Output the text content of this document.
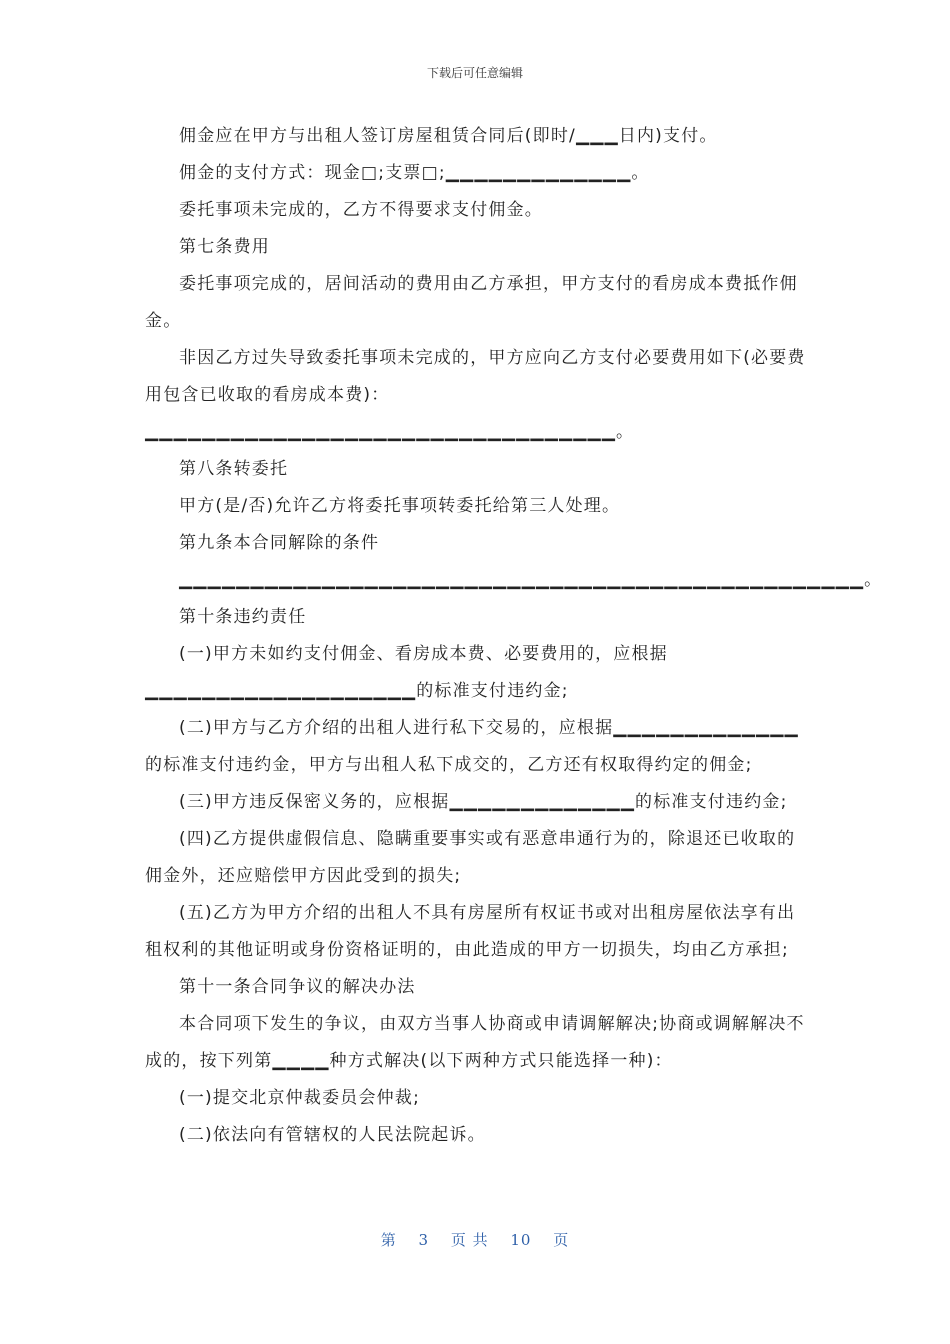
下载后可任意编辑

佣金应在甲方与出租人签订房屋租赁合同后(即时/▁▁▁日内)支付。

佣金的支付方式：现金□;支票□;▁▁▁▁▁▁▁▁▁▁▁▁▁。

委托事项未完成的，乙方不得要求支付佣金。

第七条费用

委托事项完成的，居间活动的费用由乙方承担，甲方支付的看房成本费抵作佣金。

非因乙方过失导致委托事项未完成的，甲方应向乙方支付必要费用如下(必要费用包含已收取的看房成本费)：▁▁▁▁▁▁▁▁▁▁▁▁▁▁▁▁▁▁▁▁▁▁▁▁▁▁▁▁▁▁▁▁▁。

第八条转委托

甲方(是/否)允许乙方将委托事项转委托给第三人处理。

第九条本合同解除的条件

▁▁▁▁▁▁▁▁▁▁▁▁▁▁▁▁▁▁▁▁▁▁▁▁▁▁▁▁▁▁▁▁▁▁▁▁▁▁▁▁▁▁▁▁▁▁▁▁。

第十条违约责任

(一)甲方未如约支付佣金、看房成本费、必要费用的，应根据▁▁▁▁▁▁▁▁▁▁▁▁▁▁▁▁▁▁▁的标准支付违约金;

(二)甲方与乙方介绍的出租人进行私下交易的，应根据▁▁▁▁▁▁▁▁▁▁▁▁▁的标准支付违约金，甲方与出租人私下成交的，乙方还有权取得约定的佣金;

(三)甲方违反保密义务的，应根据▁▁▁▁▁▁▁▁▁▁▁▁▁的标准支付违约金;

(四)乙方提供虚假信息、隐瞒重要事实或有恶意串通行为的，除退还已收取的佣金外，还应赔偿甲方因此受到的损失;

(五)乙方为甲方介绍的出租人不具有房屋所有权证书或对出租房屋依法享有出租权利的其他证明或身份资格证明的，由此造成的甲方一切损失，均由乙方承担;

第十一条合同争议的解决办法

本合同项下发生的争议，由双方当事人协商或申请调解解决;协商或调解解决不成的，按下列第▁▁▁▁种方式解决(以下两种方式只能选择一种)：

(一)提交北京仲裁委员会仲裁;

(二)依法向有管辖权的人民法院起诉。

第 3 页 共 10 页
